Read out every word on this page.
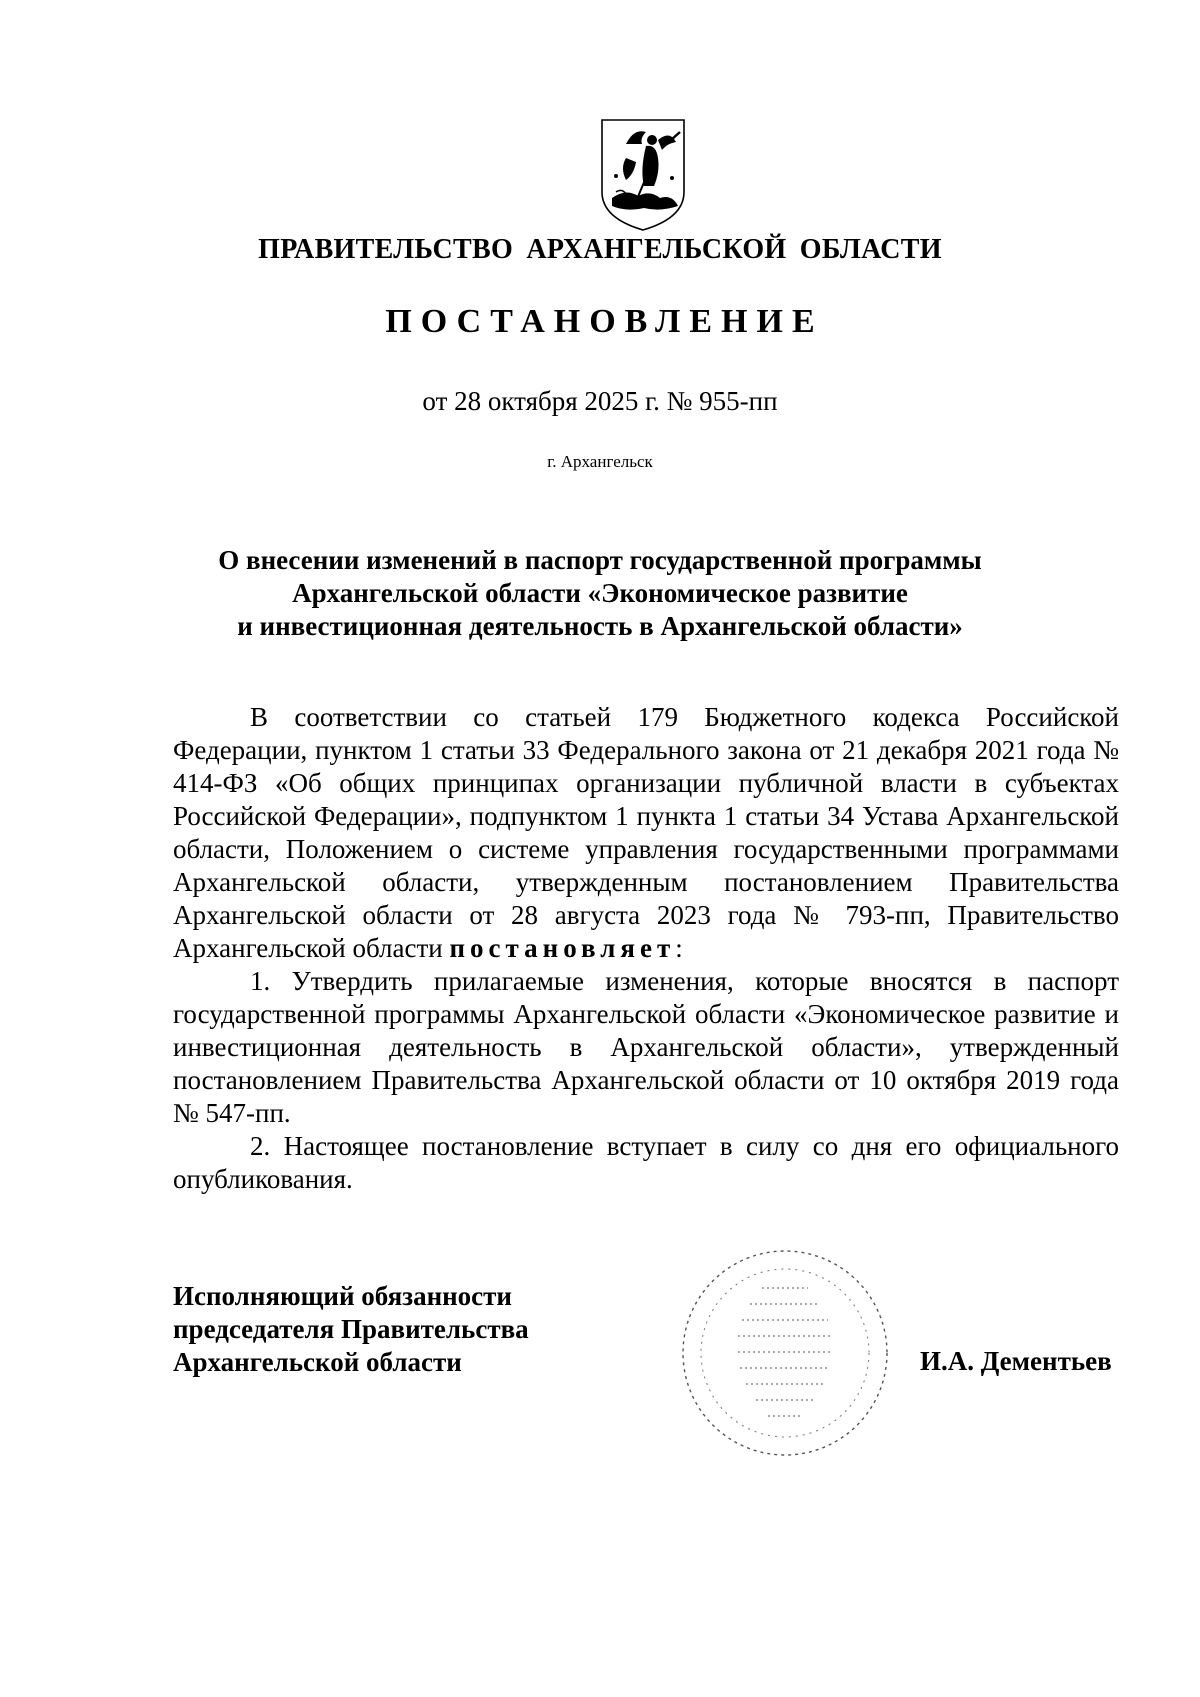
ПРАВИТЕЛЬСТВО АРХАНГЕЛЬСКОЙ ОБЛАСТИ
ПОСТАНОВЛЕНИЕ
от 28 октября 2025 г. № 955-пп
г. Архангельск
О внесении изменений в паспорт государственной программы
Архангельской области «Экономическое развитие
и инвестиционная деятельность в Архангельской области»

В соответствии со статьей 179 Бюджетного кодекса Российской Федерации, пунктом 1 статьи 33 Федерального закона от 21 декабря 2021 года № 414-ФЗ «Об общих принципах организации публичной власти в субъектах Российской Федерации», подпунктом 1 пункта 1 статьи 34 Устава Архангельской области, Положением о системе управления государственными программами Архангельской области, утвержденным постановлением Правительства Архангельской области от 28 августа 2023 года № 793-пп, Правительство Архангельской области постановляет:

1. Утвердить прилагаемые изменения, которые вносятся в паспорт государственной программы Архангельской области «Экономическое развитие и инвестиционная деятельность в Архангельской области», утвержденный постановлением Правительства Архангельской области от 10 октября 2019 года № 547-пп.

2. Настоящее постановление вступает в силу со дня его официального опубликования.

Исполняющий обязанности
председателя Правительства
Архангельской области	И.А. Дементьев
